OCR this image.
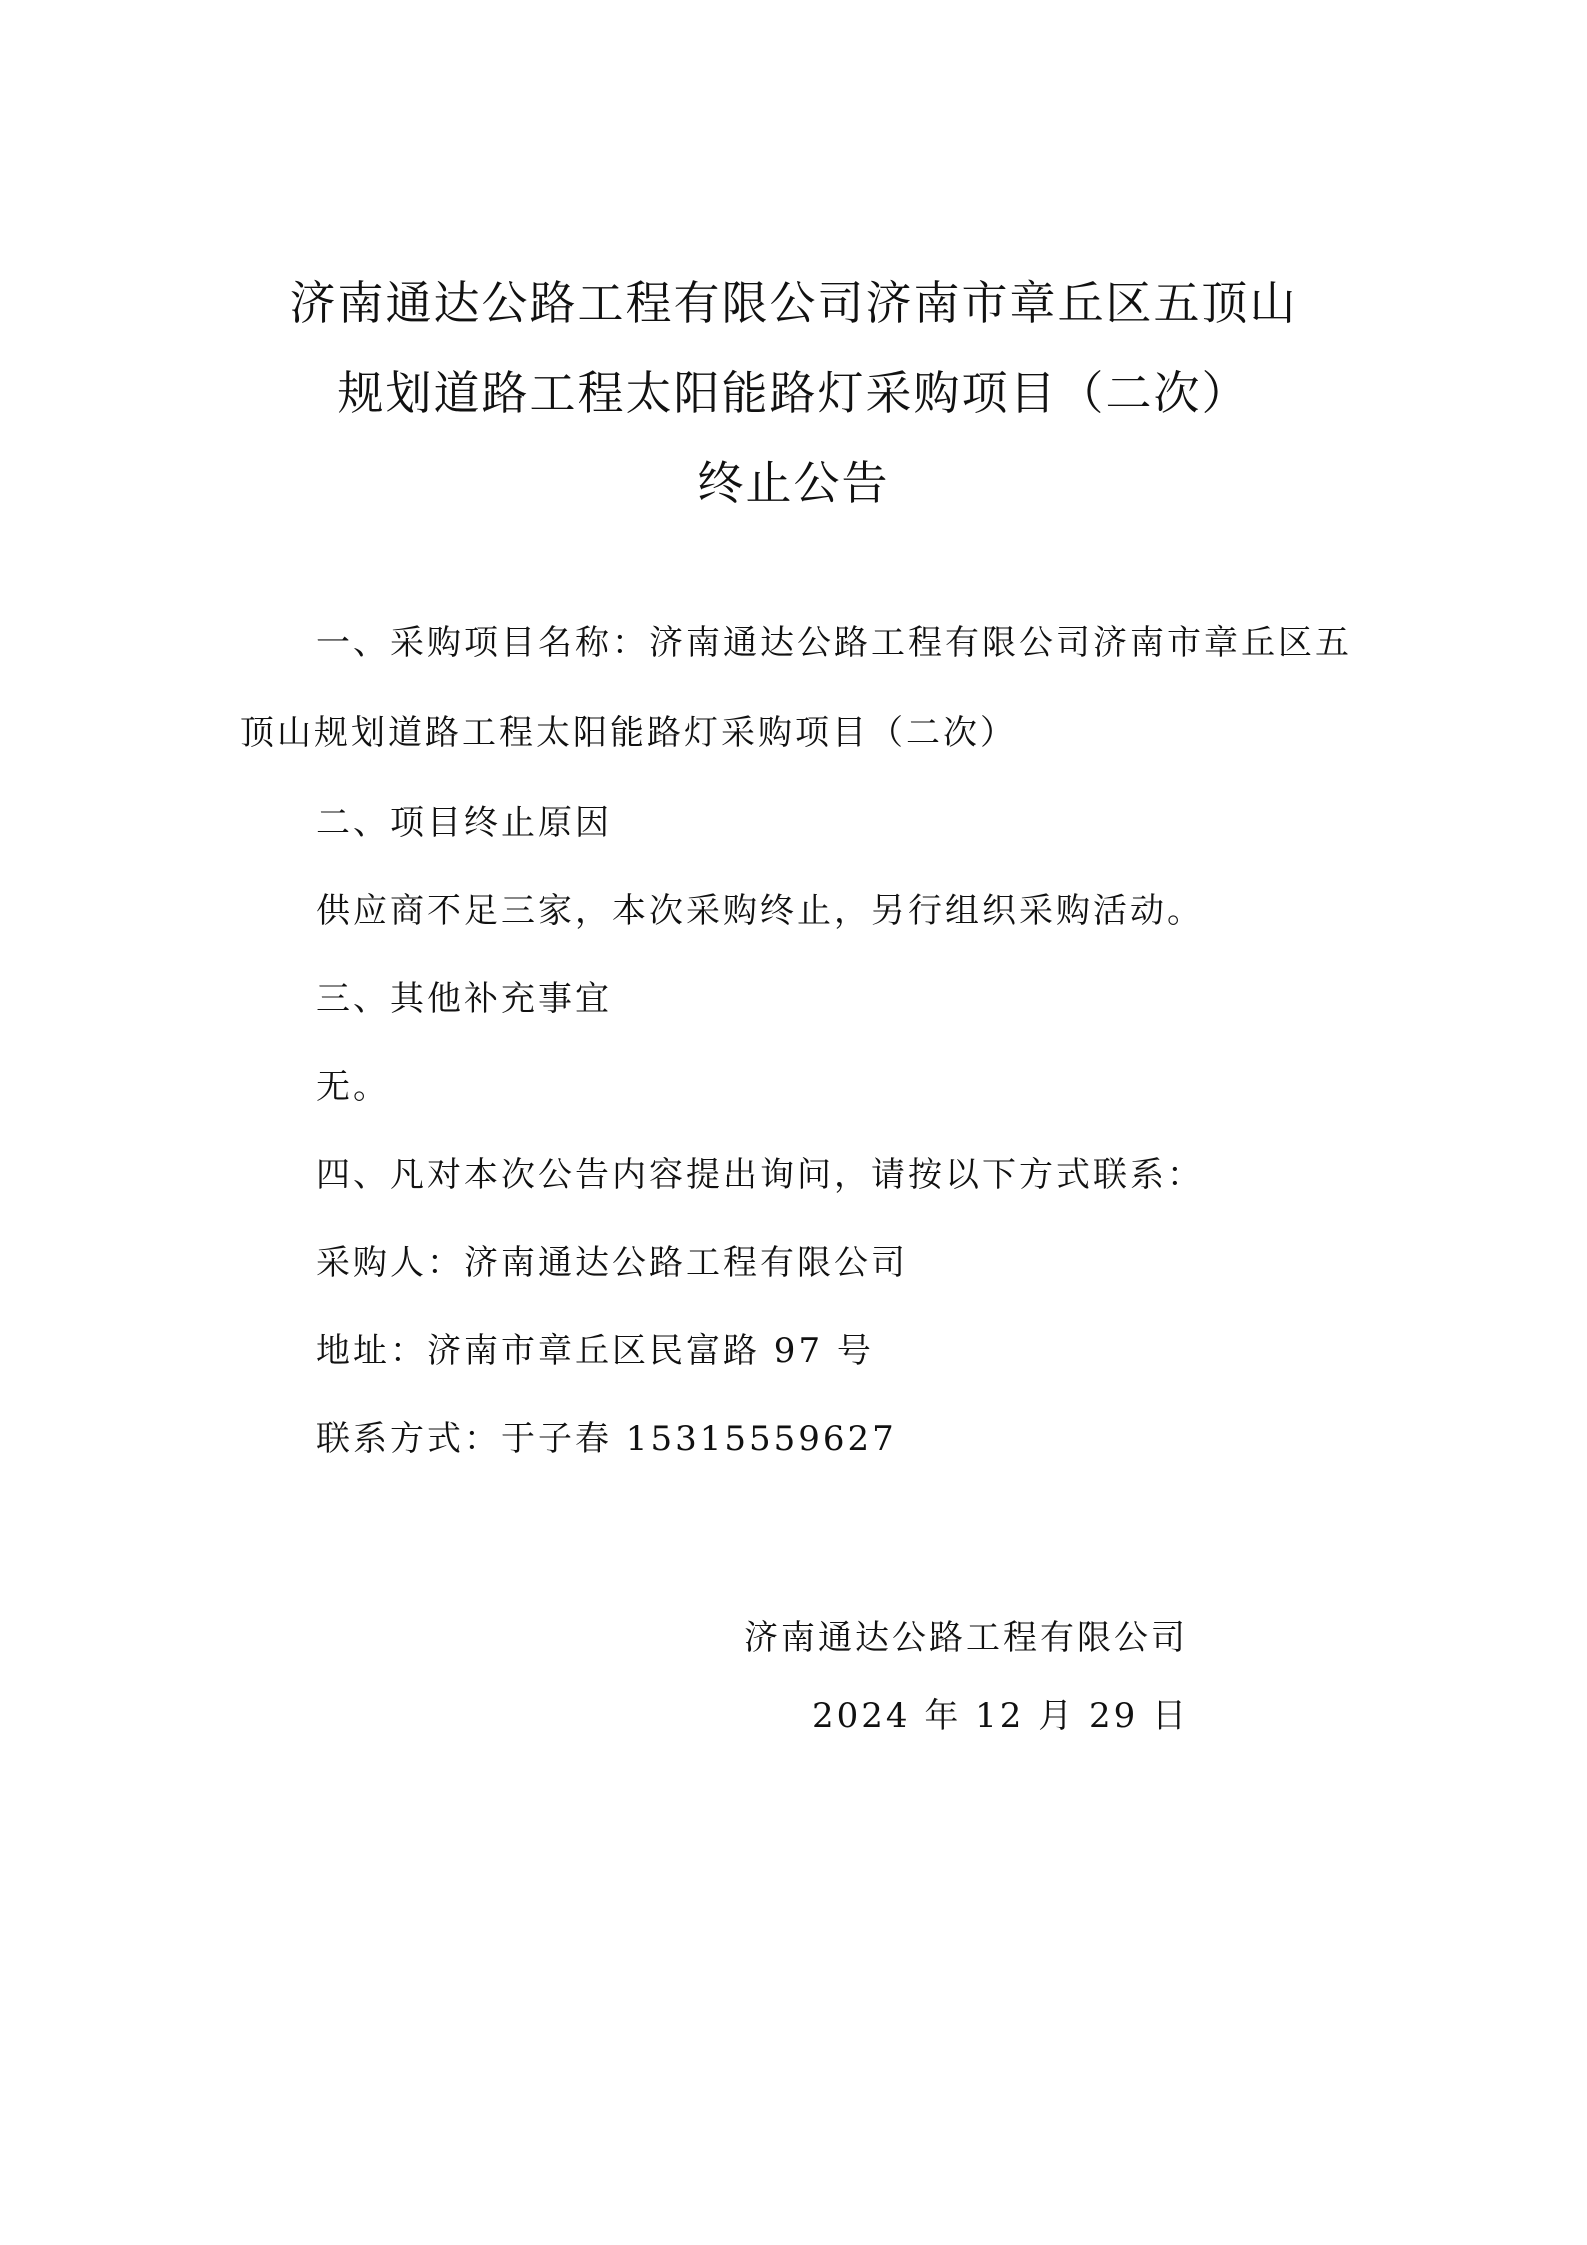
济南通达公路工程有限公司济南市章丘区五顶山
规划道路工程太阳能路灯采购项目（二次）
终止公告
一、采购项目名称：济南通达公路工程有限公司济南市章丘区五
顶山规划道路工程太阳能路灯采购项目（二次）
二、项目终止原因
供应商不足三家，本次采购终止，另行组织采购活动。
三、其他补充事宜
无。
四、凡对本次公告内容提出询问，请按以下方式联系：
采购人：济南通达公路工程有限公司
地址：济南市章丘区民富路 97 号
联系方式：于子春 15315559627
济南通达公路工程有限公司
2024 年 12 月 29 日
